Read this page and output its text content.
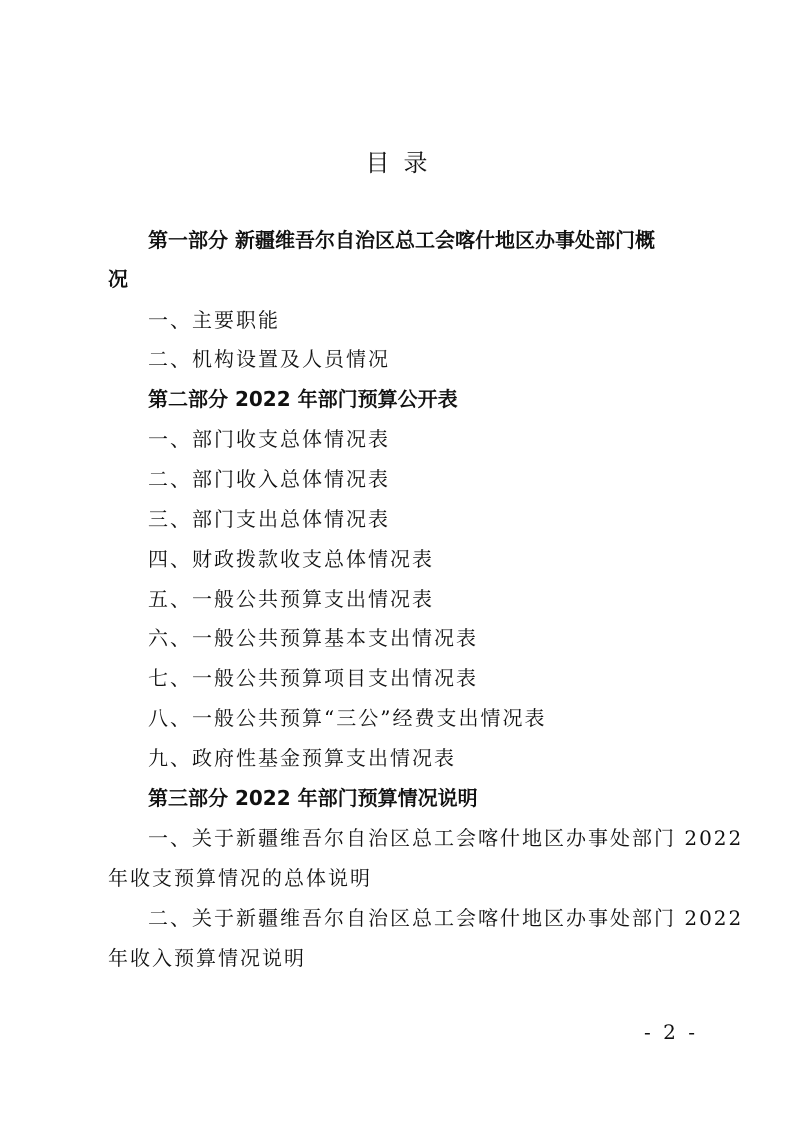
目录
第一部分 新疆维吾尔自治区总工会喀什地区办事处部门概
况
一、主要职能
二、机构设置及人员情况
第二部分 2022 年部门预算公开表
一、部门收支总体情况表
二、部门收入总体情况表
三、部门支出总体情况表
四、财政拨款收支总体情况表
五、一般公共预算支出情况表
六、一般公共预算基本支出情况表
七、一般公共预算项目支出情况表
八、一般公共预算“三公”经费支出情况表
九、政府性基金预算支出情况表
第三部分 2022 年部门预算情况说明
一、关于新疆维吾尔自治区总工会喀什地区办事处部门 2022
年收支预算情况的总体说明
二、关于新疆维吾尔自治区总工会喀什地区办事处部门 2022
年收入预算情况说明
- 2 -
